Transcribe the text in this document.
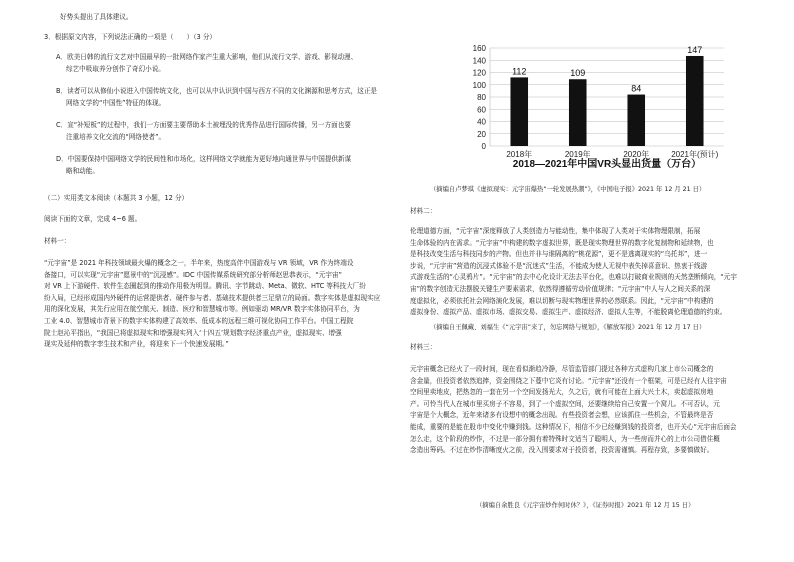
好势头提出了具体建议。

3．根据原文内容，下列说法正确的一项是（　　）（3 分）

A．欧美日韩的流行文艺对中国最早的一批网络作家产生重大影响，他们从流行文学、游戏、影视动漫、

综艺中吸取养分创作了奇幻小说。

B．读者可以从修仙小说进入中国传统文化，也可以从中认识到中国与西方不同的文化渊源和思考方式，这正是

网络文学的“中国性”特征的体现。

C．宣“补短板”的过程中，我们一方面要主要帮助本土被埋没的优秀作品进行国际传播，另一方面也要

注重培养文化交流的“网络使者”。

D．中国要保持中国网络文学的民间性和市场化，这样网络文学就能为更好地向通世界与中国提供新谋

略和动能。

（二）实用类文本阅读（本题共 3 小题，12 分）

阅读下面的文章，完成 4~6 题。

材料一：

“元宇宙”是 2021 年科技领域最火爆的概念之一，半年来，热度高伴中国游戏与 VR 领域，VR 作为终端设

备接口，可以实现“元宇宙”愿景中的“沉浸感”。IDC 中国传媒系统研究部分析师赵思恭表示，“元宇宙”

对 VR 上下游硬件、软件生态圈起到的推动作用极为明显。腾讯、字节跳动、Meta、微软、HTC 等科技大厂纷

纷入局，已经形成国内外硬件的运营提供者、硬件参与者、基础技术提供者三足鼎立的局面。数字实体是虚拟现实应

用的深化发展，其先行应用在航空航天、制造、医疗和智慧城市等。例如驱动 MR/VR 数字实体协同平台，为

工业 4.0、智慧城市背景下的数字实体构建了高效率、低成本的远程三维可视化协同工作平台。中国工程院

院士赵沁平指出，“我国已将虚拟现实和增强现实列入‘十四五’规划数字经济重点产业，虚拟现实、增强

现实及延伸的数字孪生技术和产业，将迎来下一个快速发展期。”

0
20
40
60
80
100
120
140
160
112
2018年
109
2019年
84
2020年
147
2021年(预计)
2018—2021年中国VR头显出货量（万台）

（摘编自卢梦琪《虚拟现实：元宇宙爆热“一轮发展热潮”》，《中国电子报》2021 年 12 月 21 日）

材料二：

伦理道德方面，“元宇宙”深度释放了人类创造力与能动性，集中体现了人类对于实体物理限制，拓展

生命体验的内在需求。“元宇宙”中构建的数字虚拟世界，既是现实物理世界的数字化复制物和延续物，也

是科技改变生活与科技同步的产物。但也并非与谁隔离的“桃花源”，更不是逃离现实的“乌托邦”，进一

步说，“元宇宙”营造的沉浸式体验不是“沉迷式”生活，不能成为使人无视中表失掉喜意识、热衷于线游

式游戏生活的“心灵鸦片”。“元宇宙”的去中心化设计无法去平台化，也难以打破商业规则的天然垄断倾向，“元宇

宙”的数字创造无法摆脱关键生产要素需求，依然得遵循劳动价值规律；“元宇宙”中人与人之间关系的深

度虚拟化，必须依托社会网络演化发展，难以切断与现实物理世界的必然联系。因此，“元宇宙”中构建的

虚拟身份、虚拟产品、虚拟市场、虚拟交易、虚拟生产、虚拟经济、虚拟人生等，不能脱离伦理道德的约束。

（摘编自王佩藏、刘福生《“元宇宙”来了，勿忘网络与规划》，《解放军报》2021 年 12 月 17 日）

材料三：

元宇宙概念已经火了一段时间，现在看似渐趋冷静，尽管监管部门提过各种方式虚构几家上市公司概念的

含金量，但投资者依然追捧，资金围绕之下蔓中它炎有讨论。“元宇宙”还没有一个框架，可是已经有人往宇宙

空间里卖地皮，把热忽的一套在另一个空间发扬光大，久之后，就有可能在上面大兴土木，卖起虚拟房地

产。可怜当代人在城市里买房子不容易，到了一个虚拟空间，还要继续给自己安置一个窝儿。不可否认，元

宇宙是个大概念，近年来诸多有设想中的概念出现。有些投资者会想，应该抓住一些机会，不管最终是否

能成，重要的是能在股市中变化中赚到钱。这种情况下，相信不少已经赚到钱的投资者，也开关心“元宇宙后面会

怎么走，这个阶段的炒作，不过是一部分拥有着特殊时文适当了聪明人，为一些房而并心的上市公司借住概

念造出筹码。不过在炒作清晰度火之前，没入围要求对于投资者，投资需谨慎。再程存致，多要慎做好。

（摘编自余胜良《元宇宙炒作何时休？》，《证券时报》2021 年 12 月 15 日）
